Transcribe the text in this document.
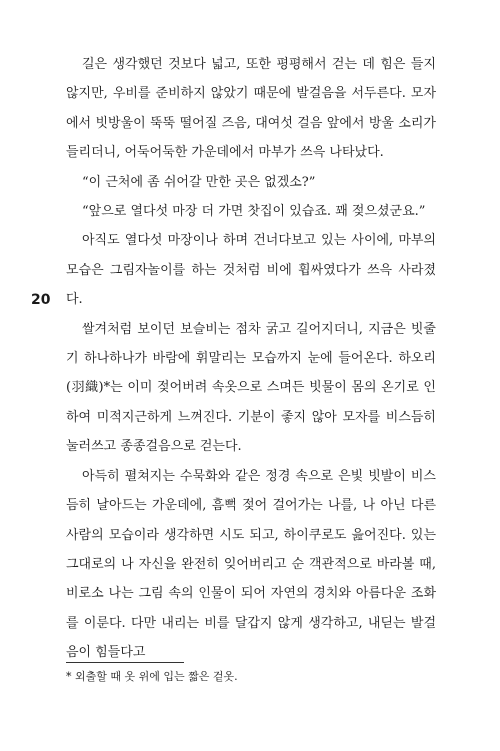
20

길은 생각했던 것보다 넓고, 또한 평평해서 걷는 데 힘은 들지 않지만, 우비를 준비하지 않았기 때문에 발걸음을 서두른다. 모자에서 빗방울이 뚝뚝 떨어질 즈음, 대여섯 걸음 앞에서 방울 소리가 들리더니, 어둑어둑한 가운데에서 마부가 쓰윽 나타났다.

“이 근처에 좀 쉬어갈 만한 곳은 없겠소?”

“앞으로 열다섯 마장 더 가면 찻집이 있습죠. 꽤 젖으셨군요.”

아직도 열다섯 마장이나 하며 건너다보고 있는 사이에, 마부의 모습은 그림자놀이를 하는 것처럼 비에 휩싸였다가 쓰윽 사라졌다.

쌀겨처럼 보이던 보슬비는 점차 굵고 길어지더니, 지금은 빗줄기 하나하나가 바람에 휘말리는 모습까지 눈에 들어온다. 하오리(羽織)*는 이미 젖어버려 속옷으로 스며든 빗물이 몸의 온기로 인하여 미적지근하게 느껴진다. 기분이 좋지 않아 모자를 비스듬히 눌러쓰고 종종걸음으로 걷는다.

아득히 펼쳐지는 수묵화와 같은 정경 속으로 은빛 빗발이 비스듬히 날아드는 가운데에, 흠뻑 젖어 걸어가는 나를, 나 아닌 다른 사람의 모습이라 생각하면 시도 되고, 하이쿠로도 읊어진다. 있는 그대로의 나 자신을 완전히 잊어버리고 순 객관적으로 바라볼 때, 비로소 나는 그림 속의 인물이 되어 자연의 경치와 아름다운 조화를 이룬다. 다만 내리는 비를 달갑지 않게 생각하고, 내딛는 발걸음이 힘들다고

* 외출할 때 옷 위에 입는 짧은 겉옷.
